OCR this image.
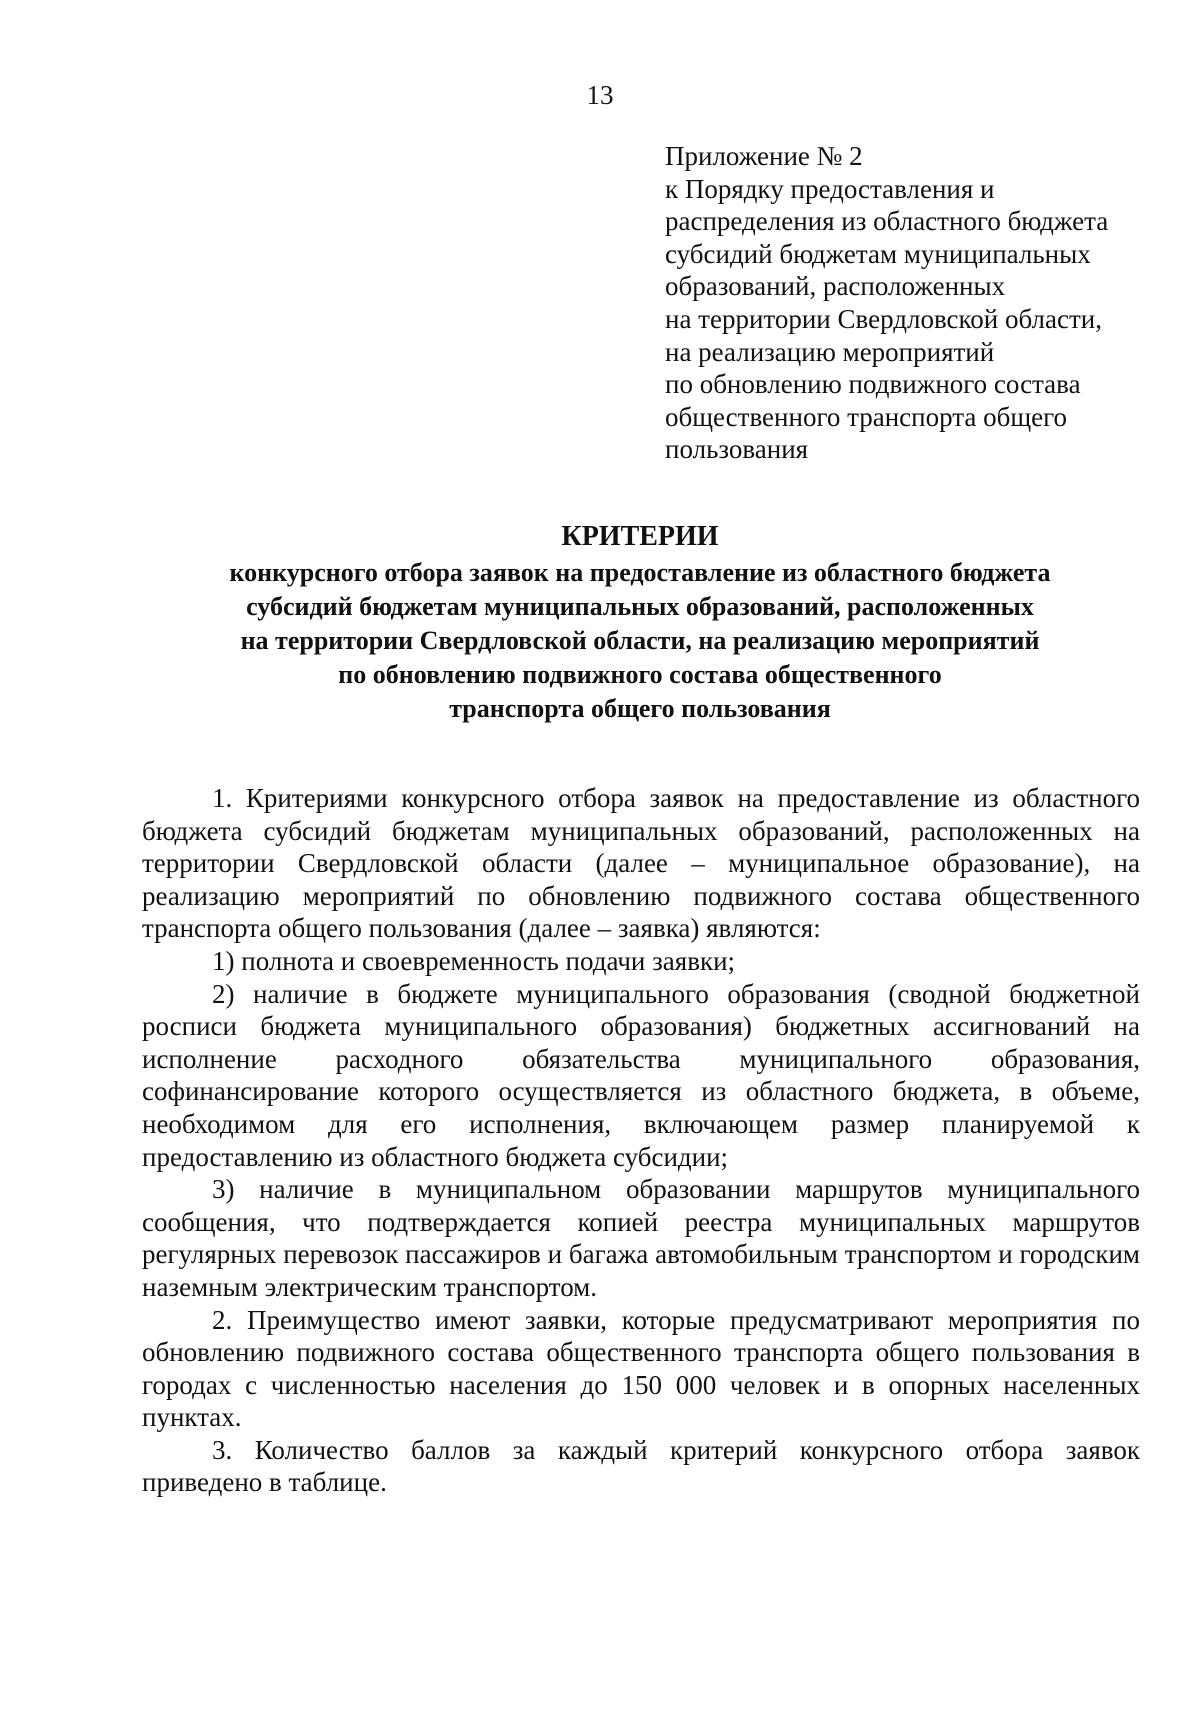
13
Приложение № 2
к Порядку предоставления и
распределения из областного бюджета
субсидий бюджетам муниципальных
образований, расположенных
на территории Свердловской области,
на реализацию мероприятий
по обновлению подвижного состава
общественного транспорта общего
пользования
КРИТЕРИИ
конкурсного отбора заявок на предоставление из областного бюджета
субсидий бюджетам муниципальных образований, расположенных
на территории Свердловской области, на реализацию мероприятий
по обновлению подвижного состава общественного
транспорта общего пользования

1. Критериями конкурсного отбора заявок на предоставление из областного бюджета субсидий бюджетам муниципальных образований, расположенных на территории Свердловской области (далее – муниципальное образование), на реализацию мероприятий по обновлению подвижного состава общественного транспорта общего пользования (далее – заявка) являются:

1) полнота и своевременность подачи заявки;

2) наличие в бюджете муниципального образования (сводной бюджетной росписи бюджета муниципального образования) бюджетных ассигнований на исполнение расходного обязательства муниципального образования, софинансирование которого осуществляется из областного бюджета, в объеме, необходимом для его исполнения, включающем размер планируемой к предоставлению из областного бюджета субсидии;

3) наличие в муниципальном образовании маршрутов муниципального сообщения, что подтверждается копией реестра муниципальных маршрутов регулярных перевозок пассажиров и багажа автомобильным транспортом и городским наземным электрическим транспортом.

2. Преимущество имеют заявки, которые предусматривают мероприятия по обновлению подвижного состава общественного транспорта общего пользования в городах с численностью населения до 150 000 человек и в опорных населенных пунктах.

3. Количество баллов за каждый критерий конкурсного отбора заявок приведено в таблице.
